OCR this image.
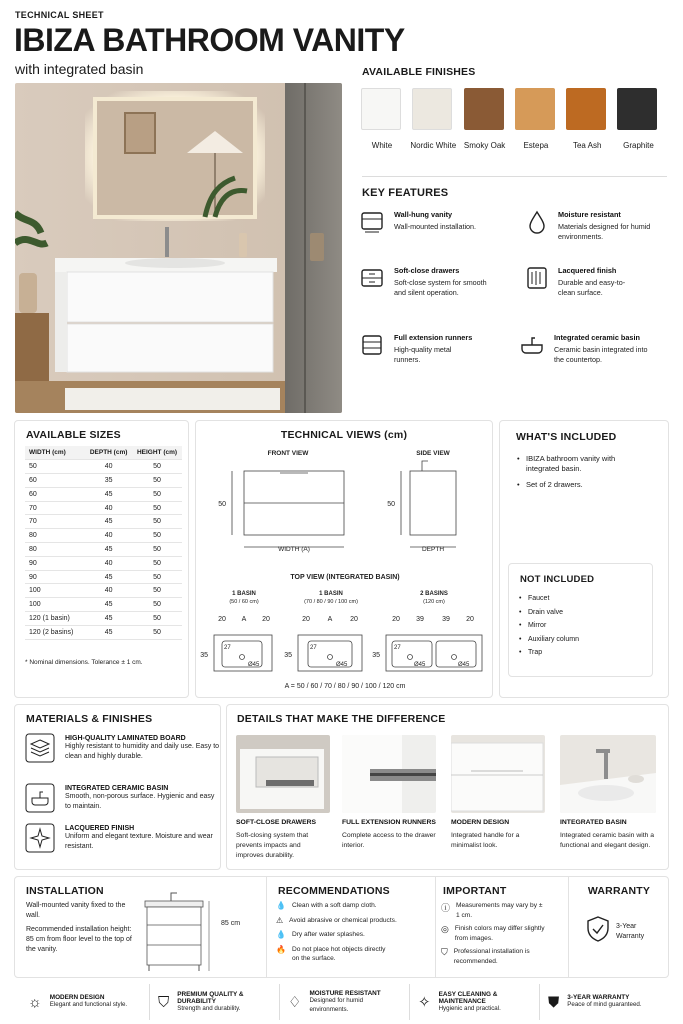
TECHNICAL SHEET
IBIZA BATHROOM VANITY
with integrated basin	AVAILABLE FINISHES
White	Nordic White Smoky Oak	Estepa	Tea Ash	Graphite
KEY FEATURES
Wall-hung vanity
Wall-mounted installation.
Moisture resistant
Materials designed for humid environments.
Soft-close drawers
Soft-close system for smooth and silent operation.
Lacquered finish
Durable and easy-to-clean surface.
Full extension runners
High-quality metal runners.
Integrated ceramic basin
Ceramic basin integrated into the countertop.
AVAILABLE SIZES
WIDTH (cm)	DEPTH (cm)	HEIGHT (cm)
50	40	50
60	35	50
60	45	50
70	40	50
70	45	50
80	40	50
80	45	50
90	40	50
90	45	50
100	40	50
100	45	50
120 (1 basin)	45	50
120 (2 basins)	45	50
* Nominal dimensions. Tolerance ± 1 cm.
TECHNICAL VIEWS (cm)
FRONT VIEW
50
WIDTH (A)
SIDE VIEW
50
DEPTH
TOP VIEW (INTEGRATED BASIN)
1 BASIN
(50 / 60 cm)
20 A 20
35
27
Ø45
1 BASIN
(70 / 80 / 90 / 100 cm)
20	A	20
35
27
Ø45
2 BASINS
(120 cm)
20 39	39 20
35
27
Ø45	Ø45
A = 50 / 60 / 70 / 80 / 90 / 100 / 120 cm
WHAT'S INCLUDED
• IBIZA bathroom vanity with integrated basin.
• Set of 2 drawers.
NOT INCLUDED
• Faucet
• Drain valve
• Mirror
• Auxiliary column
• Trap
MATERIALS & FINISHES
HIGH-QUALITY LAMINATED BOARD
Highly resistant to humidity and daily use. Easy to clean and highly durable.
INTEGRATED CERAMIC BASIN
Smooth, non-porous surface. Hygienic and easy to maintain.
LACQUERED FINISH
Uniform and elegant texture. Moisture and wear resistant.
DETAILS THAT MAKE THE DIFFERENCE
SOFT-CLOSE DRAWERS
Soft-closing system that prevents impacts and improves durability.
FULL EXTENSION RUNNERS
Complete access to the drawer interior.
MODERN DESIGN
Integrated handle for a minimalist look.
INTEGRATED BASIN
Integrated ceramic basin with a functional and elegant design.
INSTALLATION
Wall-mounted vanity fixed to the wall.
Recommended installation height: 85 cm from floor level to the top of the vanity.
85 cm
RECOMMENDATIONS
💧 Clean with a soft damp cloth.
⚠ Avoid abrasive or chemical products.
💧 Dry after water splashes.
🔥 Do not place hot objects directly on the surface.
IMPORTANT
ⓘ Measurements may vary by ± 1 cm.
◎ Finish colors may differ slightly from images.
⛉ Professional installation is recommended.
WARRANTY
3-Year Warranty
☼ MODERN DESIGN
Elegant and functional style. ⛉ PREMIUM QUALITY & DURABILITY
Strength and durability.	♢
MOISTURE RESISTANT
Designed for humid environments.	✧ EASY CLEANING & MAINTENANCE
Hygienic and practical.	⛊ 3-YEAR WARRANTY
Peace of mind guaranteed.
